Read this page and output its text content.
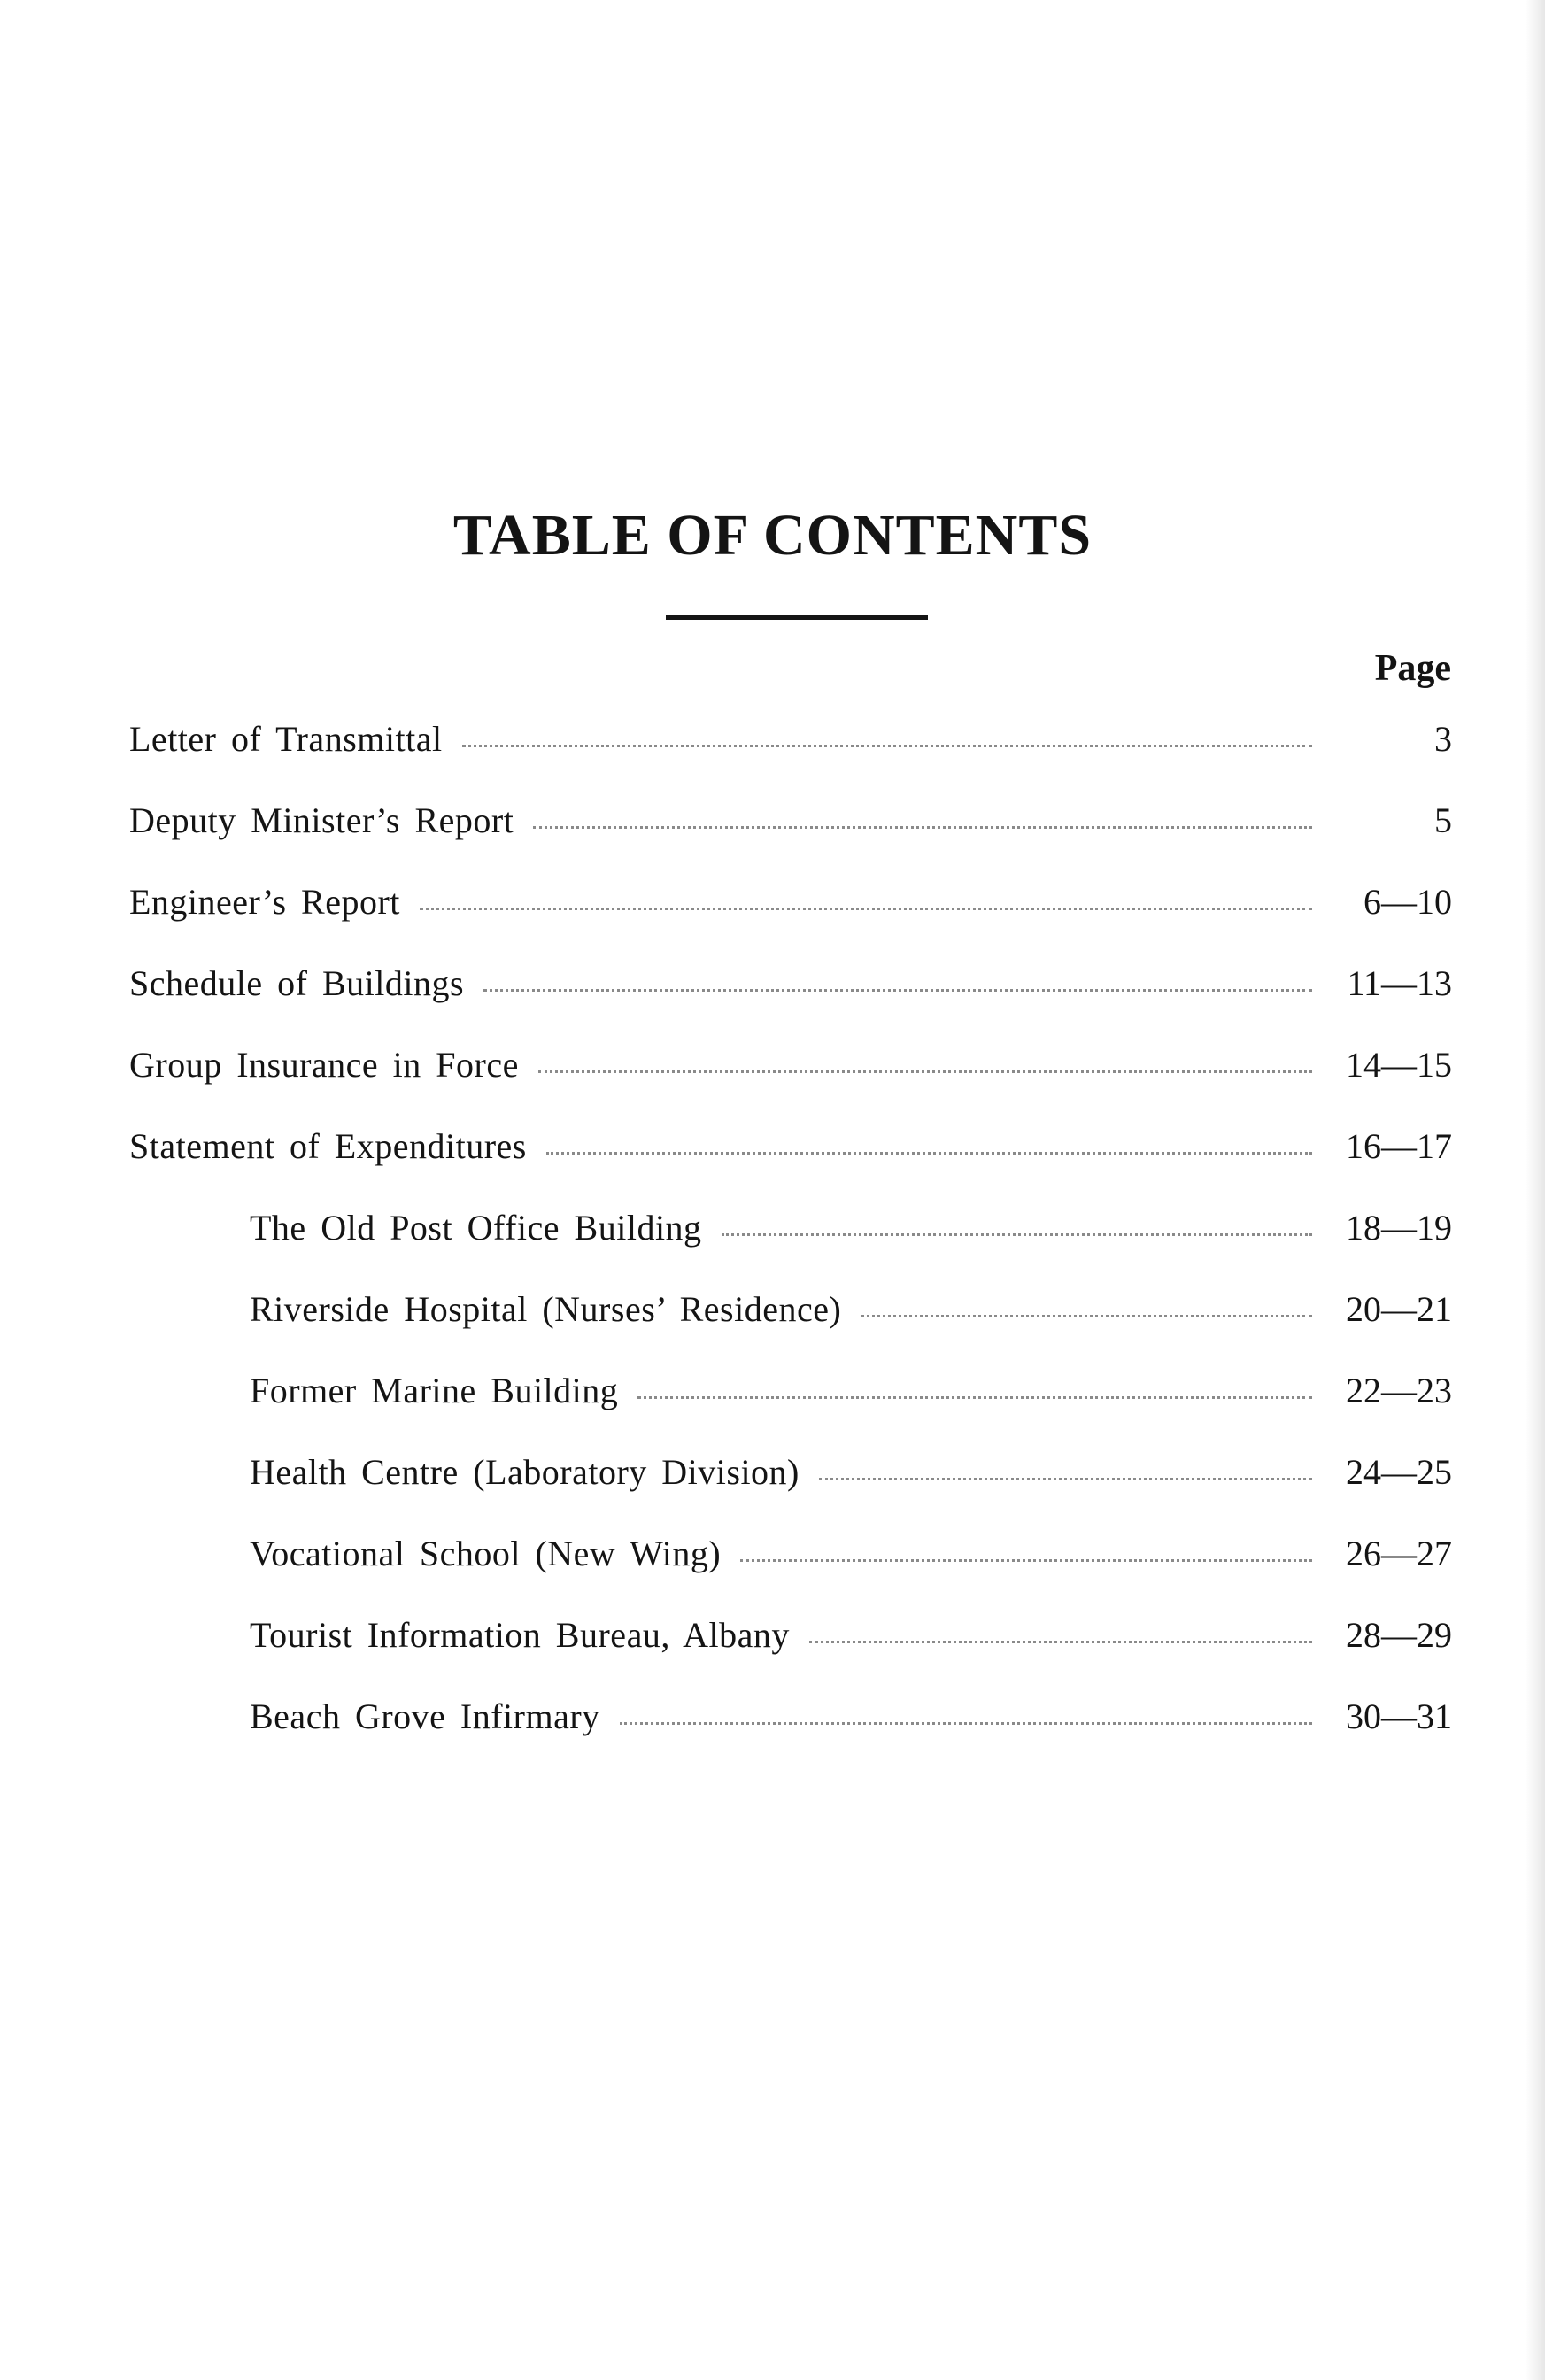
TABLE OF CONTENTS
Page
Letter of Transmittal	3
Deputy Minister’s Report	5
Engineer’s Report	6—10
Schedule of Buildings	11—13
Group Insurance in Force	14—15
Statement of Expenditures	16—17
The Old Post Office Building	18—19
Riverside Hospital (Nurses’ Residence)	20—21
Former Marine Building	22—23
Health Centre (Laboratory Division)	24—25
Vocational School (New Wing)	26—27
Tourist Information Bureau, Albany	28—29
Beach Grove Infirmary	30—31
